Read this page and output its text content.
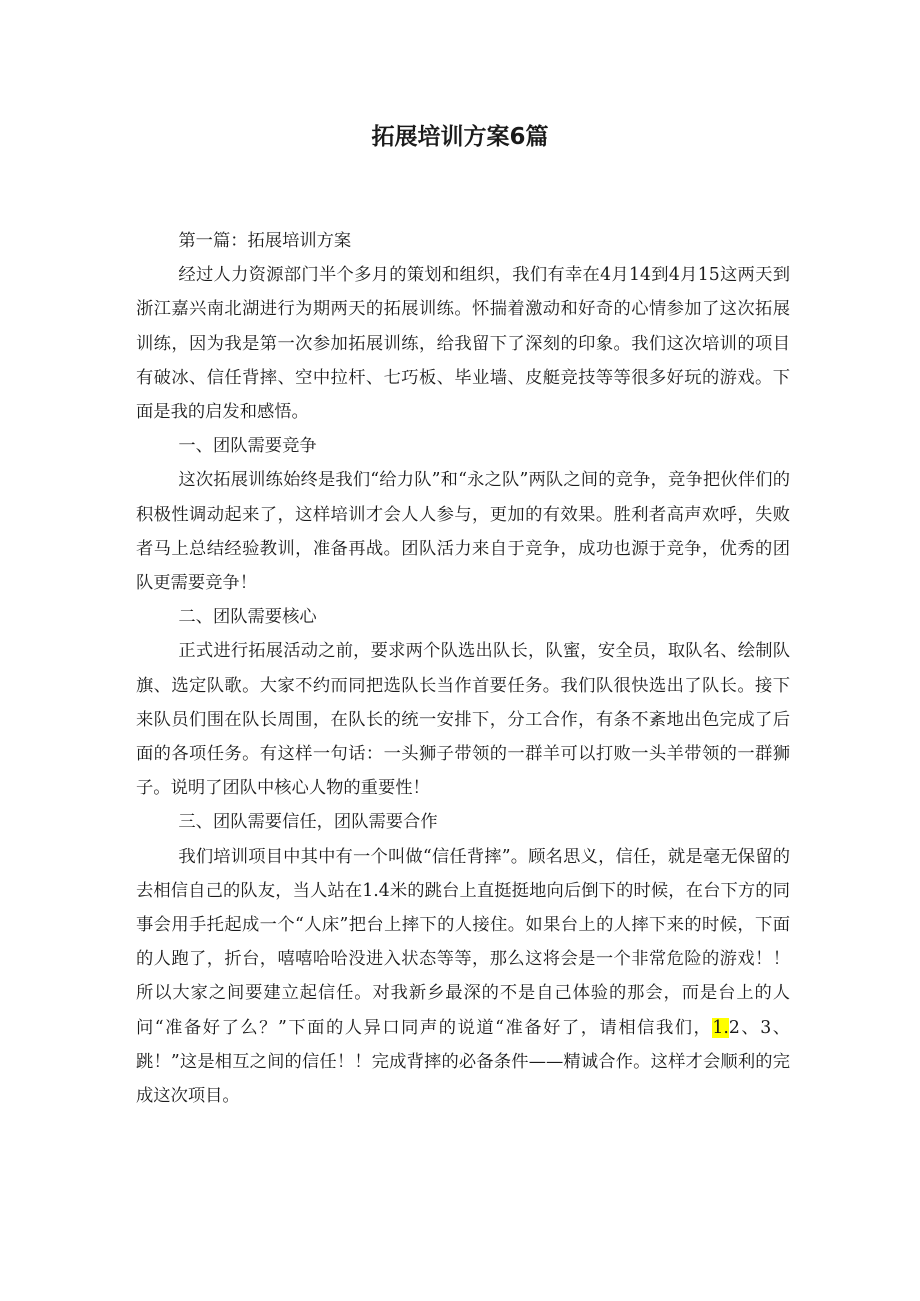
拓展培训方案6篇

第一篇：拓展培训方案

经过人力资源部门半个多月的策划和组织，我们有幸在4月14到4月15这两天到浙江嘉兴南北湖进行为期两天的拓展训练。怀揣着激动和好奇的心情参加了这次拓展训练，因为我是第一次参加拓展训练，给我留下了深刻的印象。我们这次培训的项目有破冰、信任背摔、空中拉杆、七巧板、毕业墙、皮艇竞技等等很多好玩的游戏。下面是我的启发和感悟。

一、团队需要竞争

这次拓展训练始终是我们“给力队”和“永之队”两队之间的竞争，竞争把伙伴们的积极性调动起来了，这样培训才会人人参与，更加的有效果。胜利者高声欢呼，失败者马上总结经验教训，准备再战。团队活力来自于竞争，成功也源于竞争，优秀的团队更需要竞争！

二、团队需要核心

正式进行拓展活动之前，要求两个队选出队长，队蜜，安全员，取队名、绘制队旗、选定队歌。大家不约而同把选队长当作首要任务。我们队很快选出了队长。接下来队员们围在队长周围，在队长的统一安排下，分工合作，有条不紊地出色完成了后面的各项任务。有这样一句话：一头狮子带领的一群羊可以打败一头羊带领的一群狮子。说明了团队中核心人物的重要性！

三、团队需要信任，团队需要合作

我们培训项目中其中有一个叫做“信任背摔”。顾名思义，信任，就是毫无保留的去相信自己的队友，当人站在1.4米的跳台上直挺挺地向后倒下的时候，在台下方的同事会用手托起成一个“人床”把台上摔下的人接住。如果台上的人摔下来的时候，下面的人跑了，折台，嘻嘻哈哈没进入状态等等，那么这将会是一个非常危险的游戏！！所以大家之间要建立起信任。对我新乡最深的不是自己体验的那会，而是台上的人问“准备好了么？”下面的人异口同声的说道“准备好了，请相信我们，1.2、3、跳！”这是相互之间的信任！！完成背摔的必备条件——精诚合作。这样才会顺利的完成这次项目。
